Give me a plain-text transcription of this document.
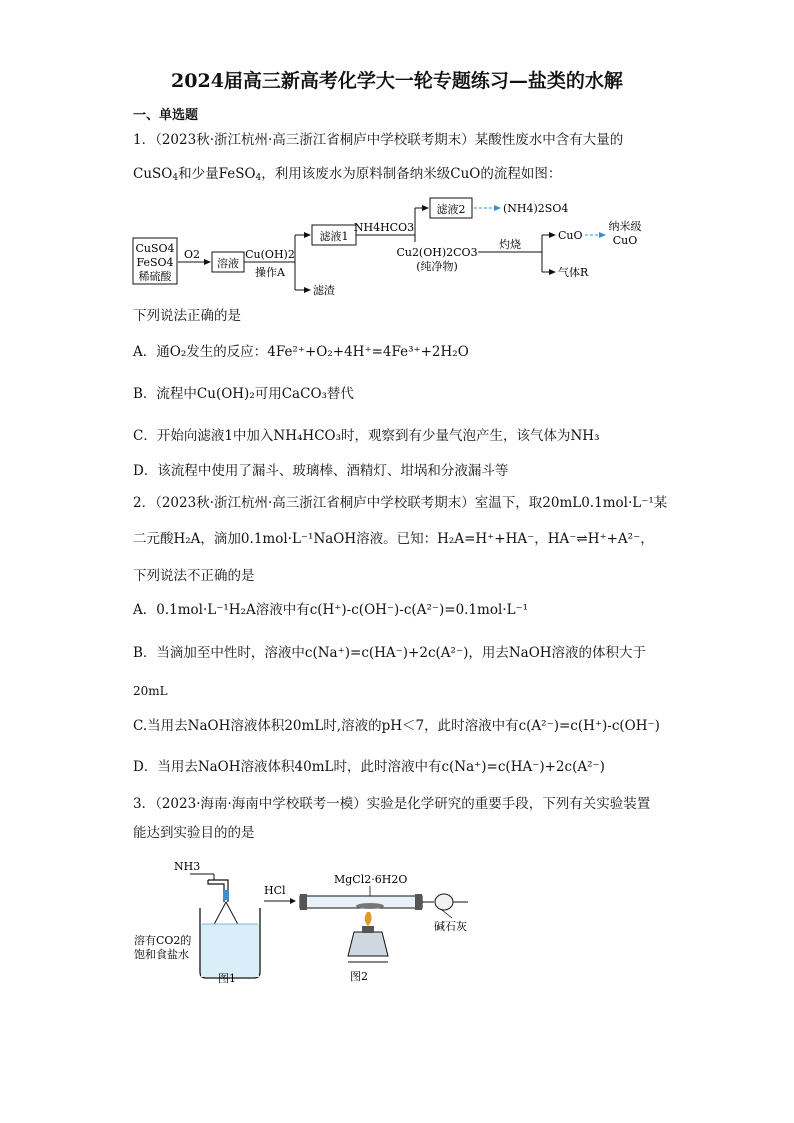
2024届高三新高考化学大一轮专题练习—盐类的水解
一、单选题
1．（2023秋·浙江杭州·高三浙江省桐庐中学校联考期末）某酸性废水中含有大量的
CuSO$_4$和少量FeSO$_4$，利用该废水为原料制备纳米级CuO的流程如图：
CuSO4
FeSO4
稀硫酸
O2
溶液
Cu(OH)2
操作A
滤渣
滤液1
NH4HCO3
滤液2	(NH4)2SO4
Cu2(OH)2CO3
(纯净物)
灼烧
CuO
纳米级
CuO
气体R
下列说法正确的是
A．通O₂发生的反应：4Fe²⁺+O₂+4H⁺=4Fe³⁺+2H₂O
B．流程中Cu(OH)₂可用CaCO₃替代
C．开始向滤液1中加入NH₄HCO₃时，观察到有少量气泡产生，该气体为NH₃
D．该流程中使用了漏斗、玻璃棒、酒精灯、坩埚和分液漏斗等
2．（2023秋·浙江杭州·高三浙江省桐庐中学校联考期末）室温下，取20mL0.1mol·L⁻¹某
二元酸H₂A，滴加0.1mol·L⁻¹NaOH溶液。已知：H₂A=H⁺+HA⁻，HA⁻⇌H⁺+A²⁻，
下列说法不正确的是
A．0.1mol·L⁻¹H₂A溶液中有c(H⁺)-c(OH⁻)-c(A²⁻)=0.1mol·L⁻¹
B．当滴加至中性时，溶液中c(Na⁺)=c(HA⁻)+2c(A²⁻)，用去NaOH溶液的体积大于
20mL
C.当用去NaOH溶液体积20mL时,溶液的pH＜7，此时溶液中有c(A²⁻)=c(H⁺)-c(OH⁻)
D．当用去NaOH溶液体积40mL时，此时溶液中有c(Na⁺)=c(HA⁻)+2c(A²⁻)
3．（2023·海南·海南中学校联考一模）实验是化学研究的重要手段，下列有关实验装置
能达到实验目的的是
NH3
溶有CO2的
饱和食盐水
图1
HCl
MgCl2·6H2O
碱石灰
图2
